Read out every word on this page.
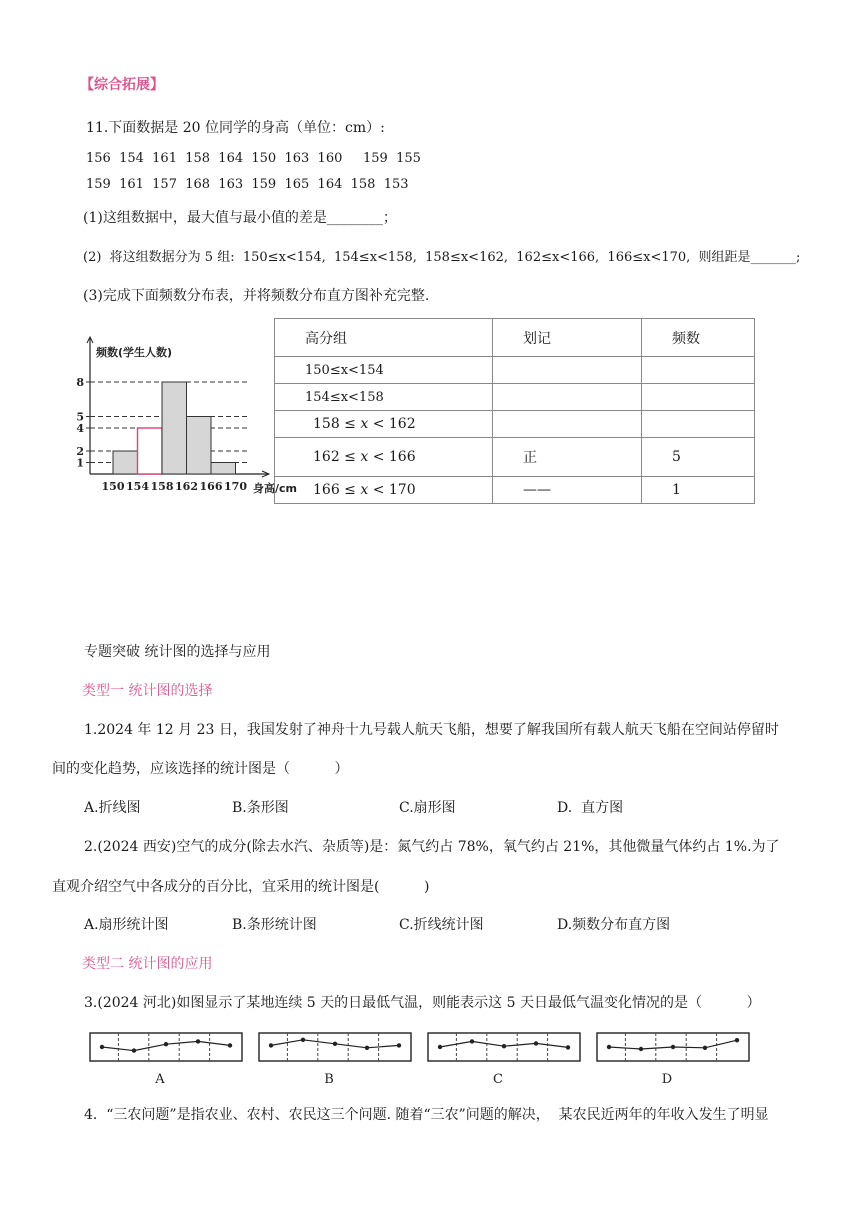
【综合拓展】
11.下面数据是 20 位同学的身高（单位：cm）:
156  154  161  158  164  150  163  160     159  155
159  161  157  168  163  159  165  164  158  153
(1)这组数据中，最大值与最小值的差是________；
(2)  将这组数据分为 5 组:  150≤x<154,  154≤x<158,  158≤x<162,  162≤x<166,  166≤x<170,  则组距是_______;
(3)完成下面频数分布表，并将频数分布直方图补充完整.
频数(学生人数)
1
2
4
5
8
150 154 158 162 166 170 身高/cm
高分组	划记	频数
150≤x<154		
154≤x<158		
158 ≤ 𝑥 < 162		
162 ≤ 𝑥 < 166	正	5
166 ≤ 𝑥 < 170	——	1
专题突破 统计图的选择与应用
类型一 统计图的选择
1.2024 年 12 月 23 日，我国发射了神舟十九号载人航天飞船，想要了解我国所有载人航天飞船在空间站停留时
间的变化趋势，应该选择的统计图是（          ）
A.折线图	B.条形图	C.扇形图	D.  直方图
2.(2024 西安)空气的成分(除去水汽、杂质等)是：氮气约占 78%，氧气约占 21%，其他微量气体约占 1%.为了
直观介绍空气中各成分的百分比，宜采用的统计图是(          )
A.扇形统计图	B.条形统计图	C.折线统计图	D.频数分布直方图
类型二 统计图的应用
3.(2024 河北)如图显示了某地连续 5 天的日最低气温，则能表示这 5 天日最低气温变化情况的是（          ）
A	B	C	D
4.  “三农问题”是指农业、农村、农民这三个问题. 随着“三农”问题的解决，  某农民近两年的年收入发生了明显
